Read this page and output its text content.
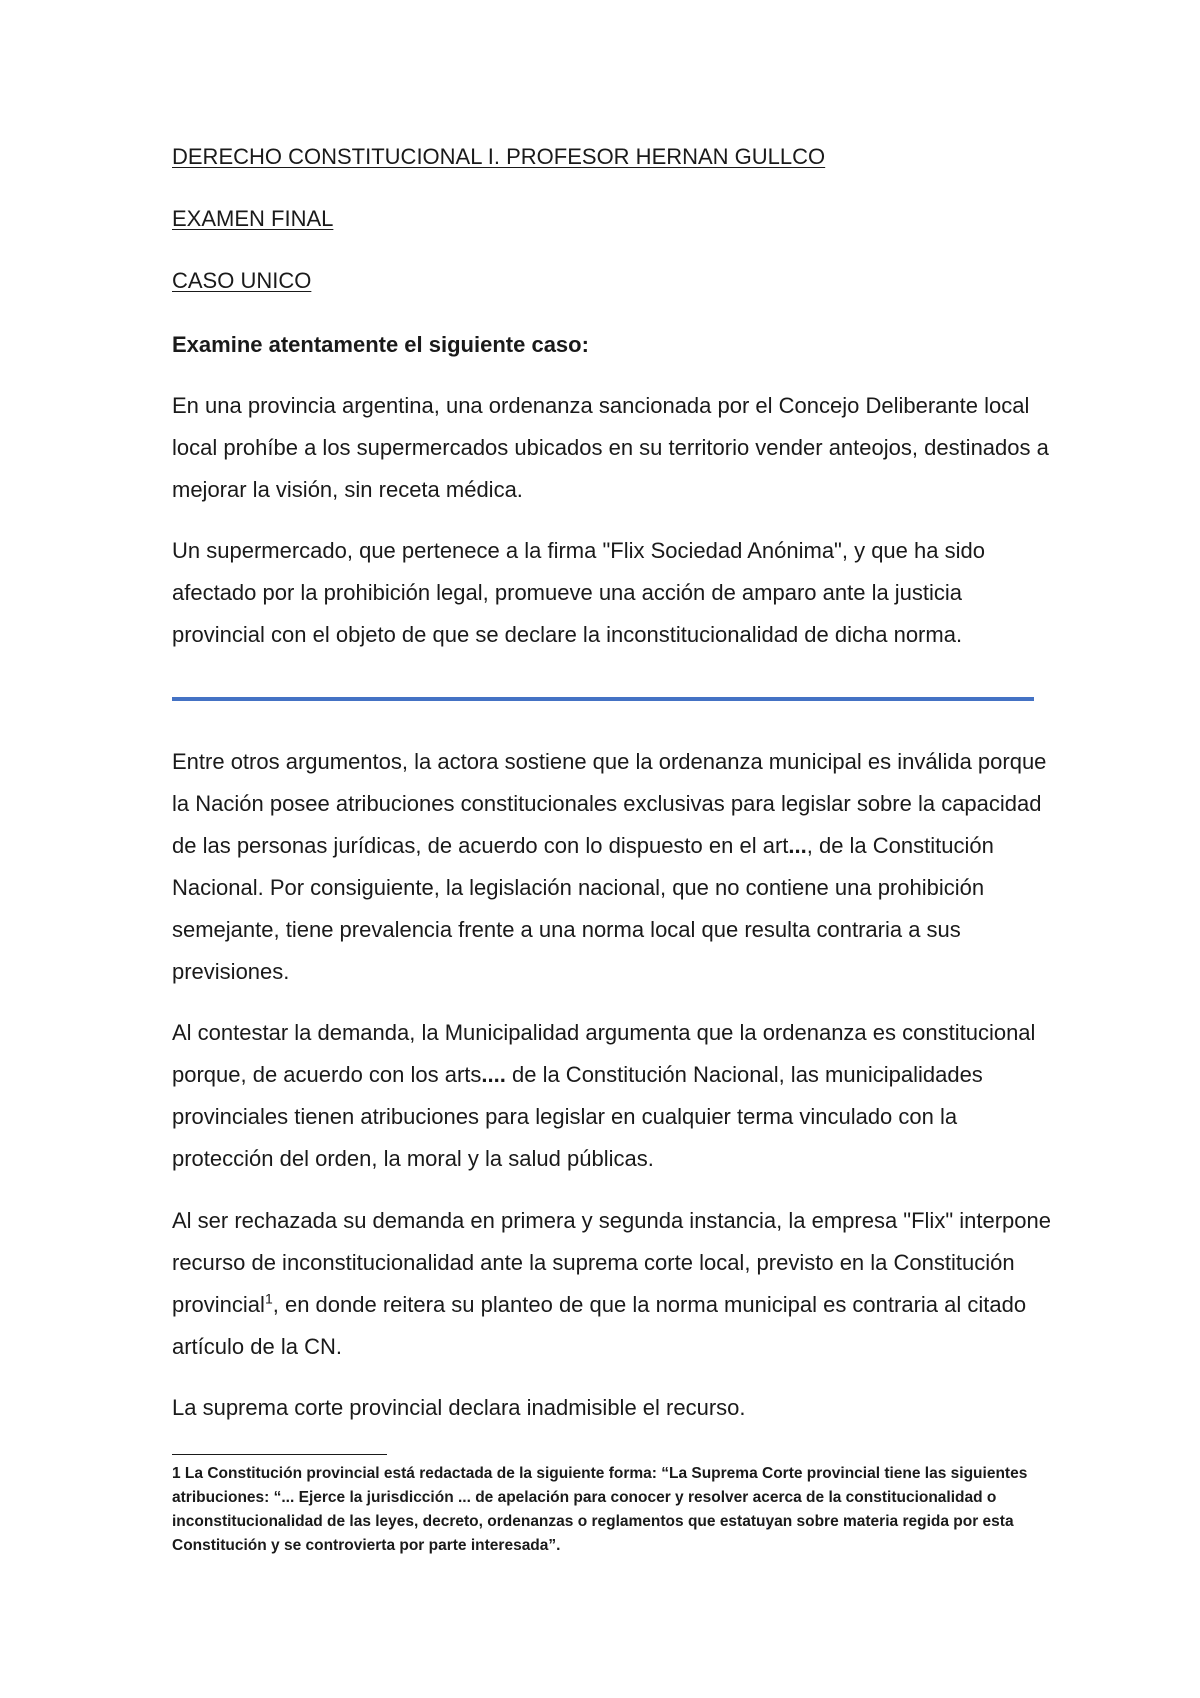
DERECHO CONSTITUCIONAL I. PROFESOR HERNAN GULLCO

EXAMEN FINAL

CASO UNICO

Examine atentamente el siguiente caso:

En una provincia argentina, una ordenanza sancionada por el Concejo Deliberante local local prohíbe a los supermercados ubicados en su territorio vender anteojos, destinados a mejorar la visión, sin receta médica.

Un supermercado, que pertenece a la firma "Flix Sociedad Anónima", y que ha sido afectado por la prohibición legal, promueve una acción de amparo ante la justicia provincial con el objeto de que se declare la inconstitucionalidad de dicha norma.

Entre otros argumentos, la actora sostiene que la ordenanza municipal es inválida porque la Nación posee atribuciones constitucionales exclusivas para legislar sobre la capacidad de las personas jurídicas, de acuerdo con lo dispuesto en el art..., de la Constitución Nacional. Por consiguiente, la legislación nacional, que no contiene una prohibición semejante, tiene prevalencia frente a una norma local que resulta contraria a sus previsiones.

Al contestar la demanda, la Municipalidad argumenta que la ordenanza es constitucional porque, de acuerdo con los arts.... de la Constitución Nacional, las municipalidades provinciales tienen atribuciones para legislar en cualquier terma vinculado con la protección del orden, la moral y la salud públicas.

Al ser rechazada su demanda en primera y segunda instancia, la empresa "Flix" interpone recurso de inconstitucionalidad ante la suprema corte local, previsto en la Constitución provincial$^1$, en donde reitera su planteo de que la norma municipal es contraria al citado artículo de la CN.

La suprema corte provincial declara inadmisible el recurso.

1 La Constitución provincial está redactada de la siguiente forma: “La Suprema Corte provincial tiene las siguientes atribuciones: “... Ejerce la jurisdicción ... de apelación para conocer y resolver acerca de la constitucionalidad o inconstitucionalidad de las leyes, decreto, ordenanzas o reglamentos que estatuyan sobre materia regida por esta Constitución y se controvierta por parte interesada”.
